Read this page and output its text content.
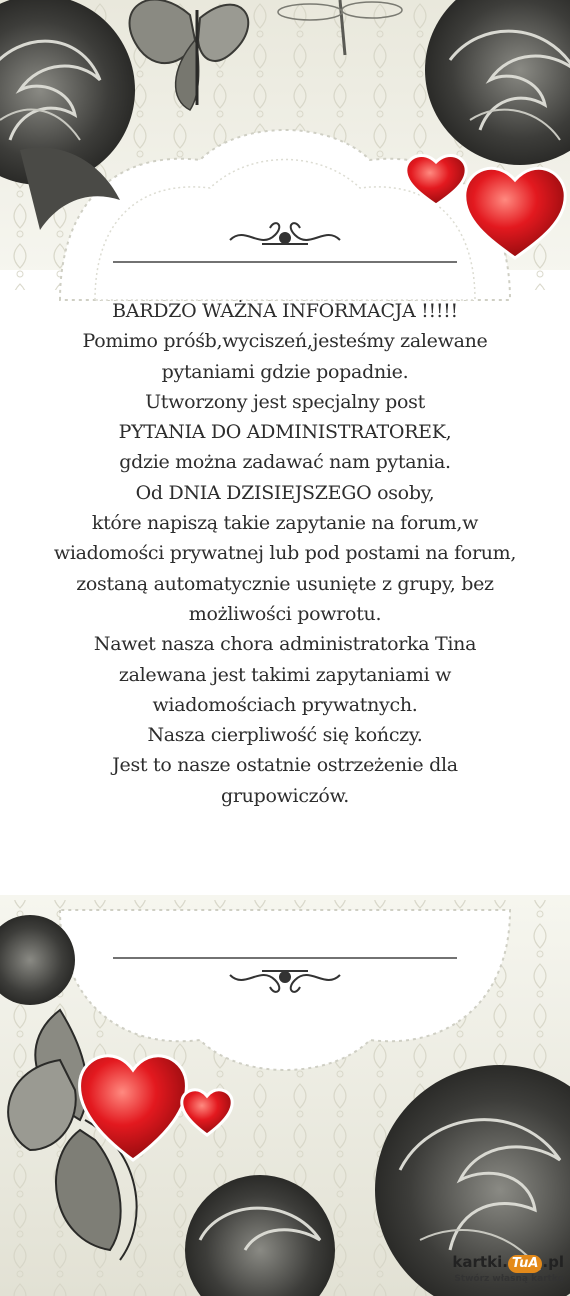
BARDZO WAŻNA INFORMACJA !!!!!
Pomimo próśb,wyciszeń,jesteśmy zalewane
pytaniami gdzie popadnie.
Utworzony jest specjalny post
PYTANIA DO ADMINISTRATOREK,
gdzie można zadawać nam pytania.
Od DNIA DZISIEJSZEGO osoby,
które napiszą takie zapytanie na forum,w
wiadomości prywatnej lub pod postami na forum,
zostaną automatycznie usunięte z grupy, bez
możliwości powrotu.
Nawet nasza chora administratorka Tina
zalewana jest takimi zapytaniami w
wiadomościach prywatnych.
Nasza cierpliwość się kończy.
Jest to nasze ostatnie ostrzeżenie dla
grupowiczów.
kartki. TuA .pl
Stwórz własną kartkę
